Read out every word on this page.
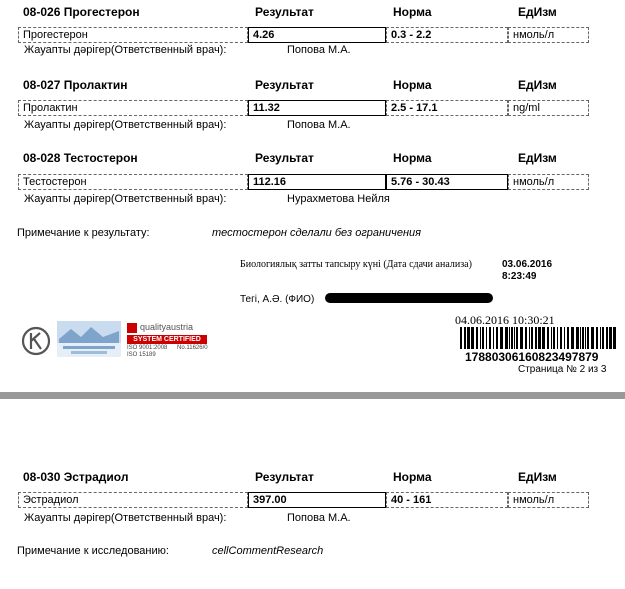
08-026 Прогестерон	Результат	Норма	ЕдИзм
Прогестерон	4.26	0.3 - 2.2	нмоль/л
Жауапты дәрігер(Ответственный врач):	Попова М.А.
08-027 Пролактин	Результат	Норма	ЕдИзм
Пролактин	11.32	2.5 - 17.1	ng/ml
Жауапты дәрігер(Ответственный врач):	Попова М.А.
08-028 Тестостерон	Результат	Норма	ЕдИзм
Тестостерон	112.16	5.76 - 30.43	нмоль/л
Жауапты дәрігер(Ответственный врач):	Нурахметова Нейля
Примечание к результату:	тестостерон сделали без ограничения
Биологиялық затты тапсыру күні (Дата сдачи анализа)	03.06.2016
8:23:49
Тегі, А.Ә. (ФИО)
qualityaustria
SYSTEM CERTIFIED
ISO 9001:2008 No.11626/0
ISO 15189
04.06.2016 10:30:21
17880306160823497879
Страница № 2 из 3
08-030 Эстрадиол	Результат	Норма	ЕдИзм
Эстрадиол	397.00	40 - 161	нмоль/л
Жауапты дәрігер(Ответственный врач):	Попова М.А.
Примечание к исследованию:	cellCommentResearch
